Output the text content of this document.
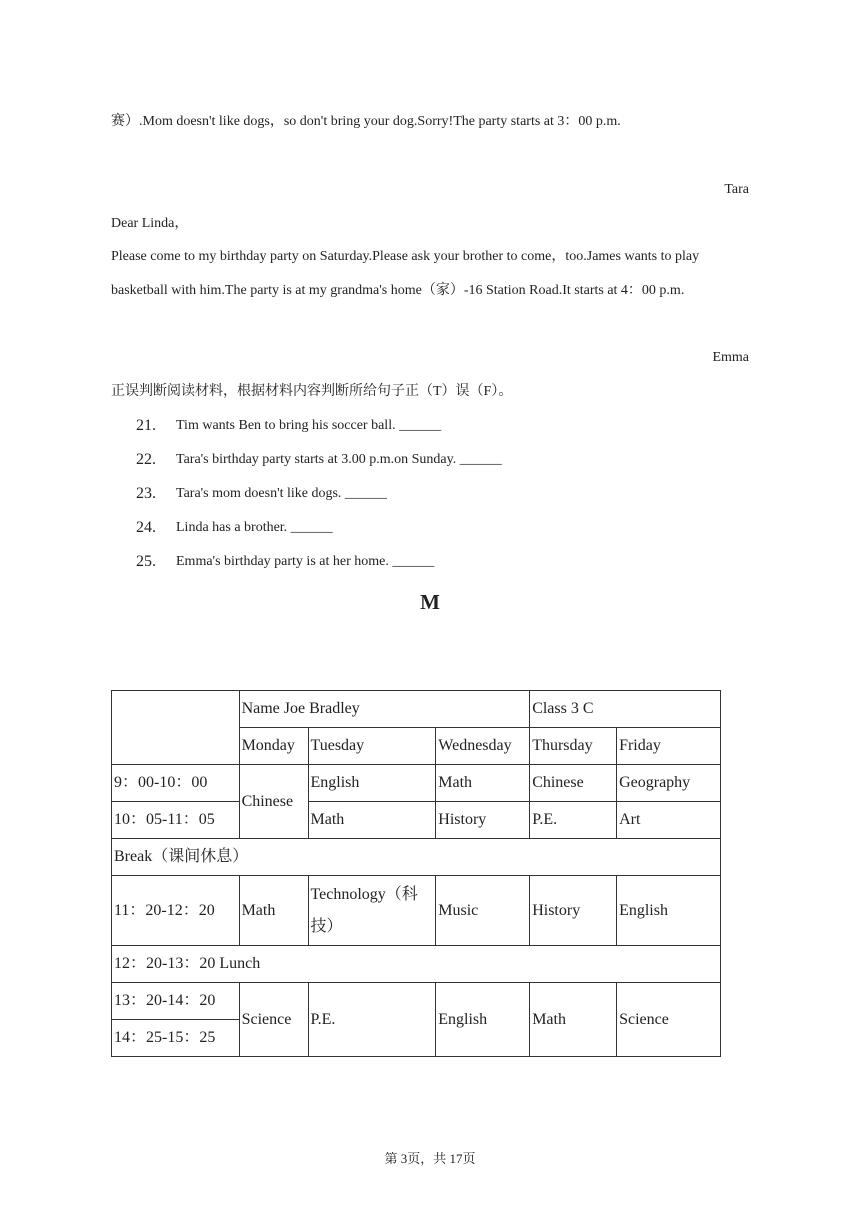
赛）.Mom doesn't like dogs，so don't bring your dog.Sorry!The party starts at 3：00 p.m.
Tara
Dear Linda，
Please come to my birthday party on Saturday.Please ask your brother to come，too.James wants to play
basketball with him.The party is at my grandma's home（家）-16 Station Road.It starts at 4：00 p.m.
Emma
正误判断阅读材料，根据材料内容判断所给句子正（T）误（F）。
21. Tim wants Ben to bring his soccer ball. ______
22. Tara's birthday party starts at 3.00 p.m.on Sunday. ______
23. Tara's mom doesn't like dogs. ______
24. Linda has a brother. ______
25. Emma's birthday party is at her home. ______
M
	Name Joe Bradley			Class 3 C	
	Monday	Tuesday	Wednesday	Thursday	Friday
9：00-10：00	Chinese	English	Math	Chinese	Geography
10：05-11：05		Math	History	P.E.	Art
Break（课间休息）					
11：20-12：20	Math	Technology（科技）	Music	History	English
12：20-13：20 Lunch					
13：20-14：20	Science	P.E.	English	Math	Science
14：25-15：25					
第 3页，共 17页
